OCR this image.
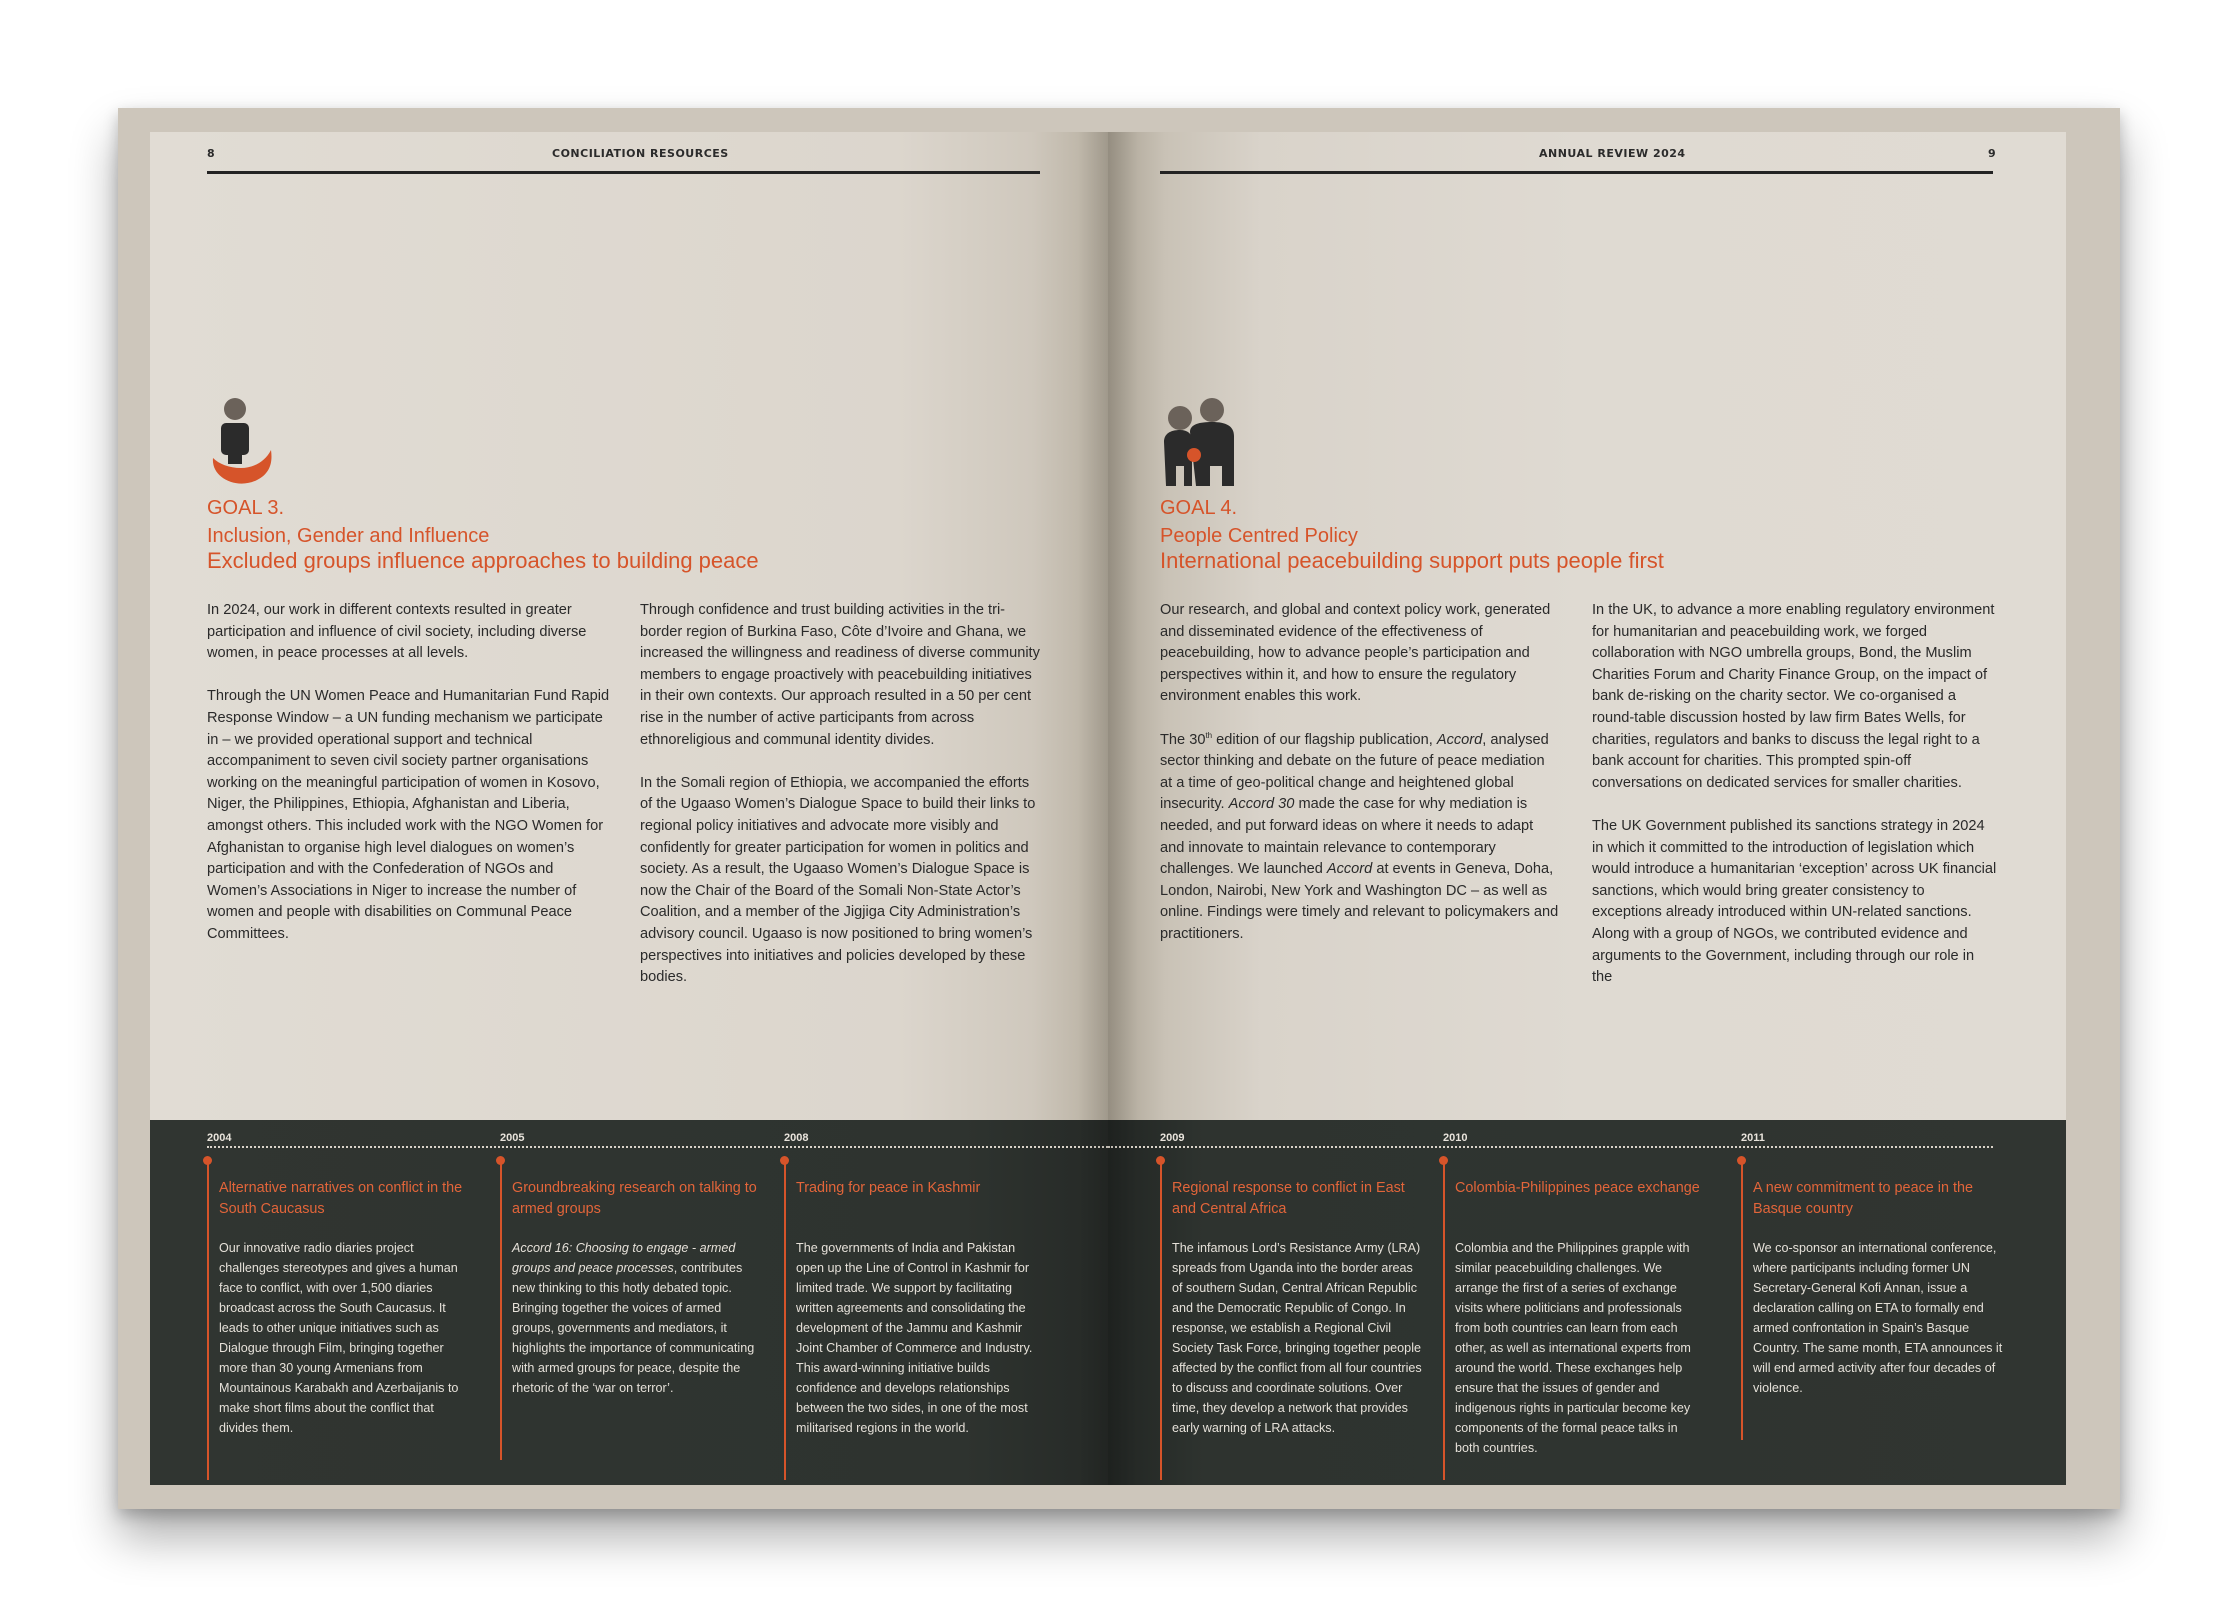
8	CONCILIATION RESOURCES
GOAL 3.
Inclusion, Gender and Influence
Excluded groups influence approaches to building peace

In 2024, our work in different contexts resulted in greater participation and influence of civil society, including diverse women, in peace processes at all levels.

Through the UN Women Peace and Humanitarian Fund Rapid Response Window – a UN funding mechanism we participate in – we provided operational support and technical accompaniment to seven civil society partner organisations working on the meaningful participation of women in Kosovo, Niger, the Philippines, Ethiopia, Afghanistan and Liberia, amongst others. This included work with the NGO Women for Afghanistan to organise high level dialogues on women’s participation and with the Confederation of NGOs and Women’s Associations in Niger to increase the number of women and people with disabilities on Communal Peace Committees.

Through confidence and trust building activities in the tri-border region of Burkina Faso, Côte d’Ivoire and Ghana, we increased the willingness and readiness of diverse community members to engage proactively with peacebuilding initiatives in their own contexts. Our approach resulted in a 50 per cent rise in the number of active participants from across ethnoreligious and communal identity divides.

In the Somali region of Ethiopia, we accompanied the efforts of the Ugaaso Women’s Dialogue Space to build their links to regional policy initiatives and advocate more visibly and confidently for greater participation for women in politics and society. As a result, the Ugaaso Women’s Dialogue Space is now the Chair of the Board of the Somali Non-State Actor’s Coalition, and a member of the Jigjiga City Administration’s advisory council. Ugaaso is now positioned to bring women’s perspectives into initiatives and policies developed by these bodies.

2004
Alternative narratives on conflict in the South Caucasus
Our innovative radio diaries project challenges stereotypes and gives a human face to conflict, with over 1,500 diaries broadcast across the South Caucasus. It leads to other unique initiatives such as Dialogue through Film, bringing together more than 30 young Armenians from Mountainous Karabakh and Azerbaijanis to make short films about the conflict that divides them.
2005
Groundbreaking research on talking to armed groups
Accord 16: Choosing to engage - armed groups and peace processes, contributes new thinking to this hotly debated topic. Bringing together the voices of armed groups, governments and mediators, it highlights the importance of communicating with armed groups for peace, despite the rhetoric of the ‘war on terror’.
2008
Trading for peace in Kashmir
The governments of India and Pakistan open up the Line of Control in Kashmir for limited trade. We support by facilitating written agreements and consolidating the development of the Jammu and Kashmir Joint Chamber of Commerce and Industry. This award-winning initiative builds confidence and develops relationships between the two sides, in one of the most militarised regions in the world.
ANNUAL REVIEW 2024	9
GOAL 4.
People Centred Policy
International peacebuilding support puts people first

Our research, and global and context policy work, generated and disseminated evidence of the effectiveness of peacebuilding, how to advance people’s participation and perspectives within it, and how to ensure the regulatory environment enables this work.

The 30th edition of our flagship publication, Accord, analysed sector thinking and debate on the future of peace mediation at a time of geo-political change and heightened global insecurity. Accord 30 made the case for why mediation is needed, and put forward ideas on where it needs to adapt and innovate to maintain relevance to contemporary challenges. We launched Accord at events in Geneva, Doha, London, Nairobi, New York and Washington DC – as well as online. Findings were timely and relevant to policymakers and practitioners.

In the UK, to advance a more enabling regulatory environment for humanitarian and peacebuilding work, we forged collaboration with NGO umbrella groups, Bond, the Muslim Charities Forum and Charity Finance Group, on the impact of bank de-risking on the charity sector. We co-organised a round-table discussion hosted by law firm Bates Wells, for charities, regulators and banks to discuss the legal right to a bank account for charities. This prompted spin-off conversations on dedicated services for smaller charities.

The UK Government published its sanctions strategy in 2024 in which it committed to the introduction of legislation which would introduce a humanitarian ‘exception’ across UK financial sanctions, which would bring greater consistency to exceptions already introduced within UN-related sanctions. Along with a group of NGOs, we contributed evidence and arguments to the Government, including through our role in the

2009
Regional response to conflict in East and Central Africa
The infamous Lord’s Resistance Army (LRA) spreads from Uganda into the border areas of southern Sudan, Central African Republic and the Democratic Republic of Congo. In response, we establish a Regional Civil Society Task Force, bringing together people affected by the conflict from all four countries to discuss and coordinate solutions. Over time, they develop a network that provides early warning of LRA attacks.
2010
Colombia-Philippines peace exchange
Colombia and the Philippines grapple with similar peacebuilding challenges. We arrange the first of a series of exchange visits where politicians and professionals from both countries can learn from each other, as well as international experts from around the world. These exchanges help ensure that the issues of gender and indigenous rights in particular become key components of the formal peace talks in both countries.
2011
A new commitment to peace in the Basque country
We co-sponsor an international conference, where participants including former UN Secretary-General Kofi Annan, issue a declaration calling on ETA to formally end armed confrontation in Spain’s Basque Country. The same month, ETA announces it will end armed activity after four decades of violence.
